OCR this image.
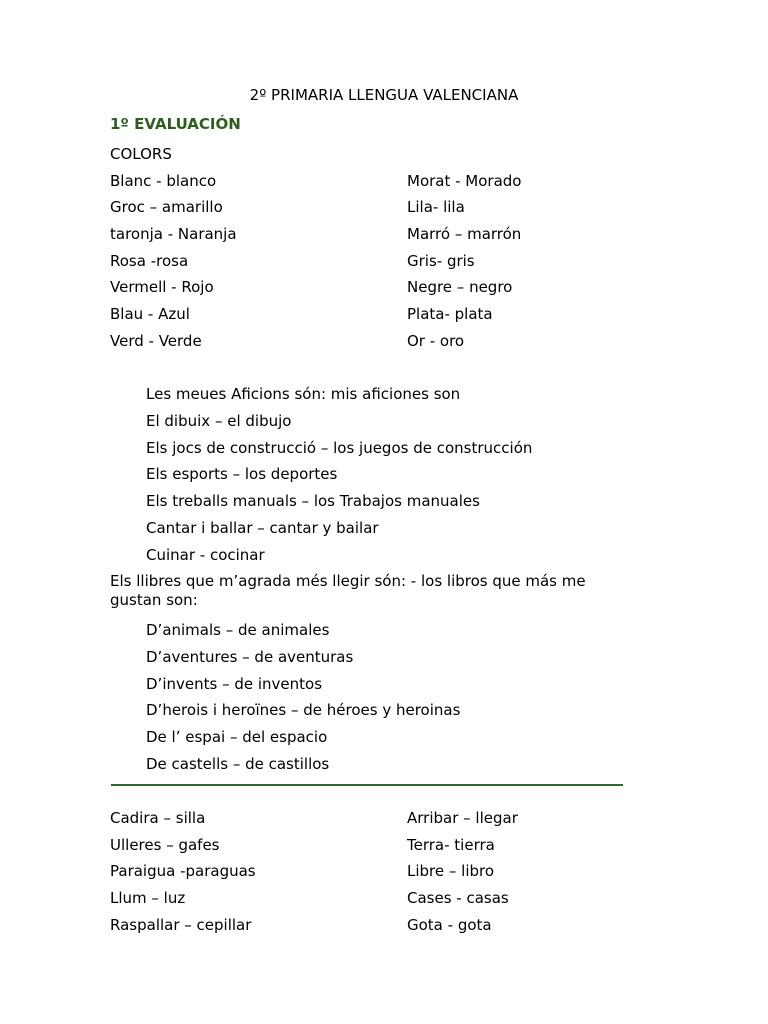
2º PRIMARIA LLENGUA VALENCIANA
1º EVALUACIÓN
COLORS
Blanc - blanco
Groc – amarillo
taronja - Naranja
Rosa -rosa
Vermell - Rojo
Blau - Azul
Verd - Verde
Morat - Morado
Lila- lila
Marró – marrón
Gris- gris
Negre – negro
Plata- plata
Or - oro
Les meues Aficions són: mis aficiones son
El dibuix – el dibujo
Els jocs de construcció – los juegos de construcción
Els esports – los deportes
Els treballs manuals – los Trabajos manuales
Cantar i ballar – cantar y bailar
Cuinar - cocinar
Els llibres que m’agrada més llegir són: - los libros que más me gustan son:
D’animals – de animales
D’aventures – de aventuras
D’invents – de inventos
D’herois i heroïnes – de héroes y heroinas
De l’ espai – del espacio
De castells – de castillos
Cadira – silla
Ulleres – gafes
Paraigua -paraguas
Llum – luz
Raspallar – cepillar
Arribar – llegar
Terra- tierra
Libre – libro
Cases - casas
Gota - gota
